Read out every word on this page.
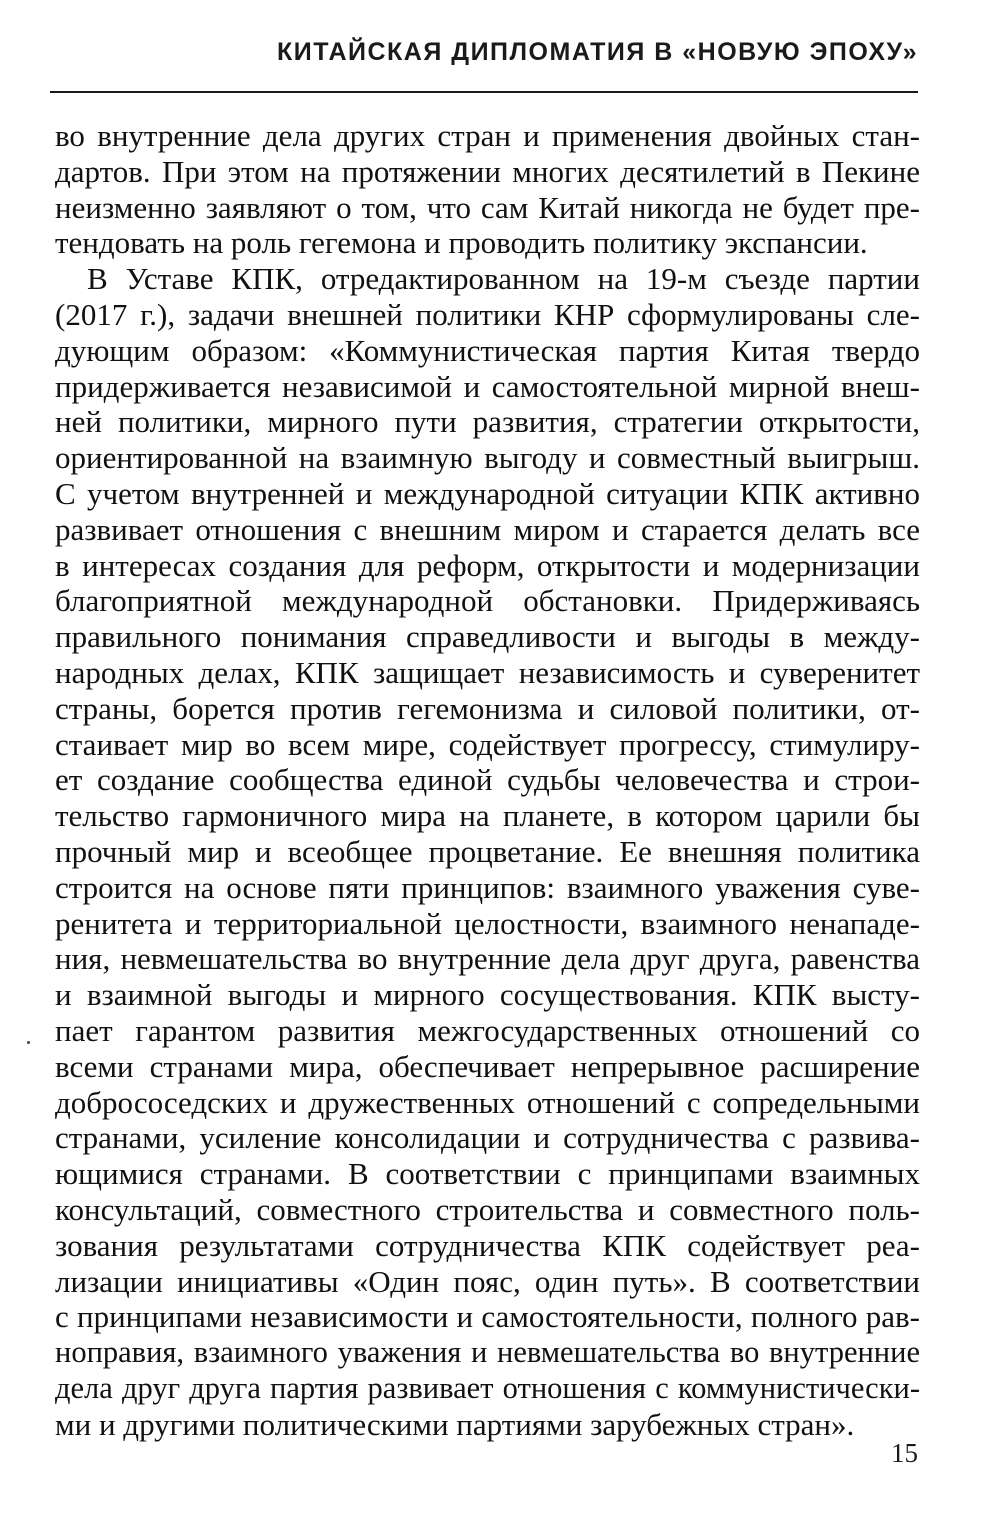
КИТАЙСКАЯ ДИПЛОМАТИЯ В «НОВУЮ ЭПОХУ»
во внутренние дела других стран и применения двойных стан-
дартов. При этом на протяжении многих десятилетий в Пекине
неизменно заявляют о том, что сам Китай никогда не будет пре-
тендовать на роль гегемона и проводить политику экспансии.
В Уставе КПК, отредактированном на 19-м съезде партии
(2017 г.), задачи внешней политики КНР сформулированы сле-
дующим образом: «Коммунистическая партия Китая твердо
придерживается независимой и самостоятельной мирной внеш-
ней политики, мирного пути развития, стратегии открытости,
ориентированной на взаимную выгоду и совместный выигрыш.
С учетом внутренней и международной ситуации КПК активно
развивает отношения с внешним миром и старается делать все
в интересах создания для реформ, открытости и модернизации
благоприятной международной обстановки. Придерживаясь
правильного понимания справедливости и выгоды в между-
народных делах, КПК защищает независимость и суверенитет
страны, борется против гегемонизма и силовой политики, от-
стаивает мир во всем мире, содействует прогрессу, стимулиру-
ет создание сообщества единой судьбы человечества и строи-
тельство гармоничного мира на планете, в котором царили бы
прочный мир и всеобщее процветание. Ее внешняя политика
строится на основе пяти принципов: взаимного уважения суве-
ренитета и территориальной целостности, взаимного ненападе-
ния, невмешательства во внутренние дела друг друга, равенства
и взаимной выгоды и мирного сосуществования. КПК высту-
пает гарантом развития межгосударственных отношений со
всеми странами мира, обеспечивает непрерывное расширение
добрососедских и дружественных отношений с сопредельными
странами, усиление консолидации и сотрудничества с развива-
ющимися странами. В соответствии с принципами взаимных
консультаций, совместного строительства и совместного поль-
зования результатами сотрудничества КПК содействует реа-
лизации инициативы «Один пояс, один путь». В соответствии
с принципами независимости и самостоятельности, полного рав-
ноправия, взаимного уважения и невмешательства во внутренние
дела друг друга партия развивает отношения с коммунистически-
ми и другими политическими партиями зарубежных стран».
15
